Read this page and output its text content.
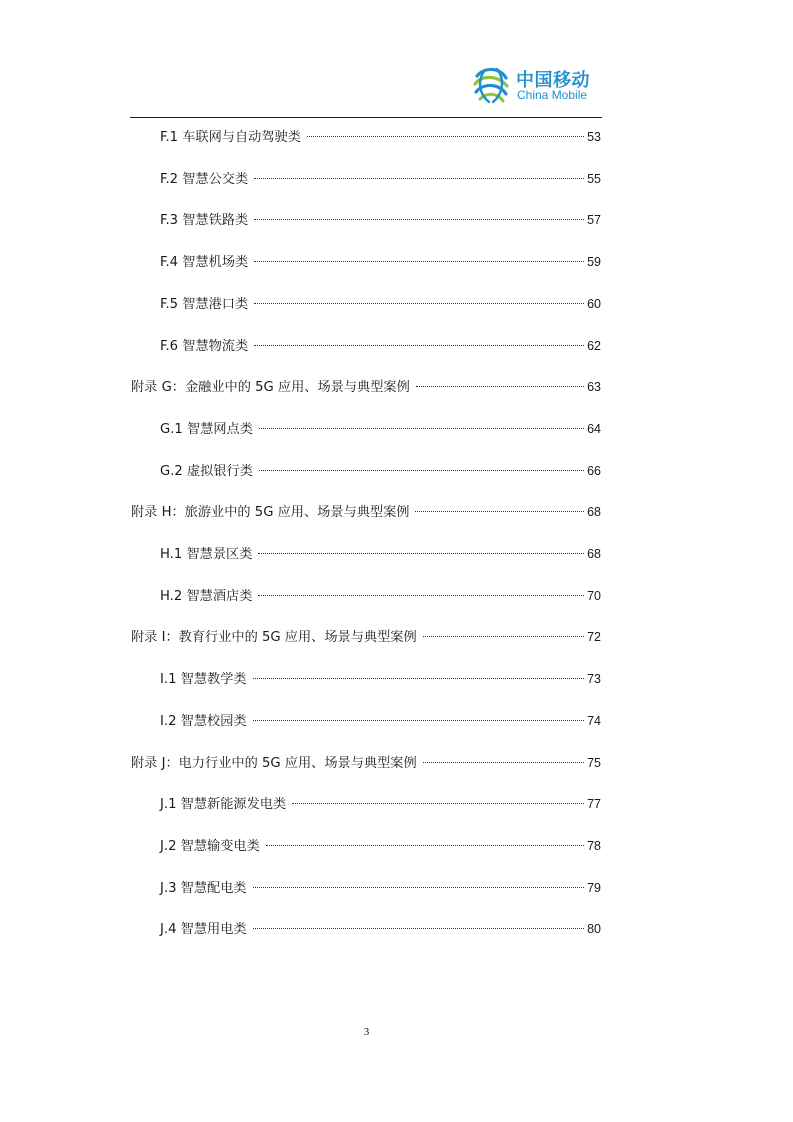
中国移动
China Mobile
F.1 车联网与自动驾驶类	53
F.2 智慧公交类	55
F.3 智慧铁路类	57
F.4 智慧机场类	59
F.5 智慧港口类	60
F.6 智慧物流类	62
附录 G：金融业中的 5G 应用、场景与典型案例	63
G.1 智慧网点类	64
G.2 虚拟银行类	66
附录 H：旅游业中的 5G 应用、场景与典型案例	68
H.1 智慧景区类	68
H.2 智慧酒店类	70
附录 I：教育行业中的 5G 应用、场景与典型案例	72
I.1 智慧教学类	73
I.2 智慧校园类	74
附录 J：电力行业中的 5G 应用、场景与典型案例	75
J.1 智慧新能源发电类	77
J.2 智慧输变电类	78
J.3 智慧配电类	79
J.4 智慧用电类	80
3
